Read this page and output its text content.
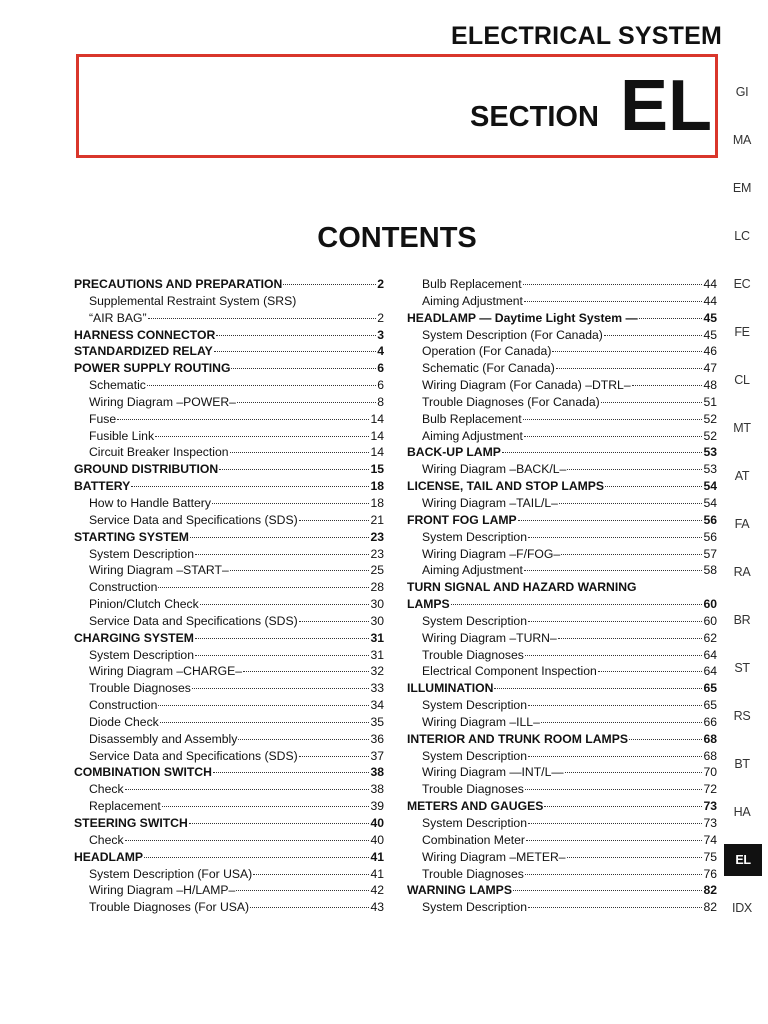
ELECTRICAL SYSTEM
SECTION EL
CONTENTS
PRECAUTIONS AND PREPARATION	2
Supplemental Restraint System (SRS)
“AIR BAG”	2
HARNESS CONNECTOR	3
STANDARDIZED RELAY	4
POWER SUPPLY ROUTING	6
Schematic	6
Wiring Diagram –POWER–	8
Fuse	14
Fusible Link	14
Circuit Breaker Inspection	14
GROUND DISTRIBUTION	15
BATTERY	18
How to Handle Battery	18
Service Data and Specifications (SDS)	21
STARTING SYSTEM	23
System Description	23
Wiring Diagram –START–	25
Construction	28
Pinion/Clutch Check	30
Service Data and Specifications (SDS)	30
CHARGING SYSTEM	31
System Description	31
Wiring Diagram –CHARGE–	32
Trouble Diagnoses	33
Construction	34
Diode Check	35
Disassembly and Assembly	36
Service Data and Specifications (SDS)	37
COMBINATION SWITCH	38
Check	38
Replacement	39
STEERING SWITCH	40
Check	40
HEADLAMP	41
System Description (For USA)	41
Wiring Diagram –H/LAMP–	42
Trouble Diagnoses (For USA)	43
Bulb Replacement	44
Aiming Adjustment	44
HEADLAMP — Daytime Light System —	45
System Description (For Canada)	45
Operation (For Canada)	46
Schematic (For Canada)	47
Wiring Diagram (For Canada) –DTRL–	48
Trouble Diagnoses (For Canada)	51
Bulb Replacement	52
Aiming Adjustment	52
BACK-UP LAMP	53
Wiring Diagram –BACK/L–	53
LICENSE, TAIL AND STOP LAMPS	54
Wiring Diagram –TAIL/L–	54
FRONT FOG LAMP	56
System Description	56
Wiring Diagram –F/FOG–	57
Aiming Adjustment	58
TURN SIGNAL AND HAZARD WARNING
LAMPS	60
System Description	60
Wiring Diagram –TURN–	62
Trouble Diagnoses	64
Electrical Component Inspection	64
ILLUMINATION	65
System Description	65
Wiring Diagram –ILL–	66
INTERIOR AND TRUNK ROOM LAMPS	68
System Description	68
Wiring Diagram —INT/L—	70
Trouble Diagnoses	72
METERS AND GAUGES	73
System Description	73
Combination Meter	74
Wiring Diagram –METER–	75
Trouble Diagnoses	76
WARNING LAMPS	82
System Description	82
GI
MA
EM
LC
EC
FE
CL
MT
AT
FA
RA
BR
ST
RS
BT
HA
EL
IDX
